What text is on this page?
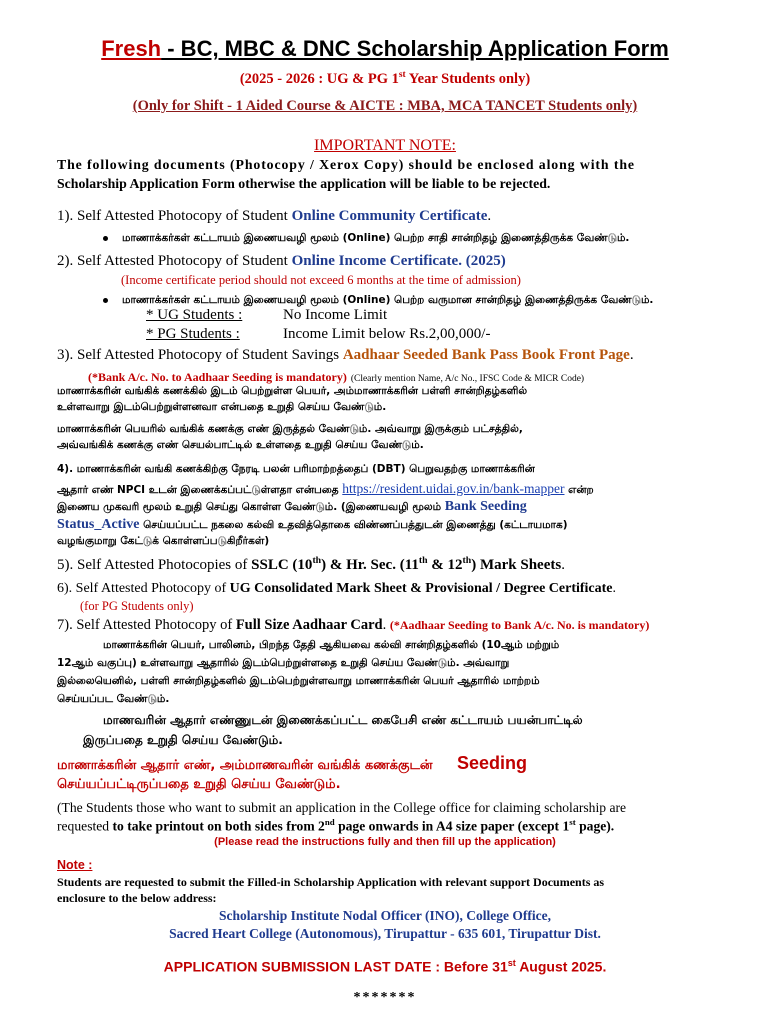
Fresh - BC, MBC & DNC Scholarship Application Form
(2025 - 2026 : UG & PG 1st Year Students only)
(Only for Shift - 1 Aided Course & AICTE : MBA, MCA TANCET Students only)
IMPORTANT NOTE:
The following documents (Photocopy / Xerox Copy) should be enclosed along with the
Scholarship Application Form otherwise the application will be liable to be rejected.
1). Self Attested Photocopy of Student Online Community Certificate.
மாணாக்கர்கள் கட்டாயம் இணையவழி மூலம் (Online) பெற்ற சாதி சான்றிதழ் இணைத்திருக்க வேண்டும்.
2). Self Attested Photocopy of Student Online Income Certificate. (2025)
(Income certificate period should not exceed 6 months at the time of admission)
மாணாக்கர்கள் கட்டாயம் இணையவழி மூலம் (Online) பெற்ற வருமான சான்றிதழ் இணைத்திருக்க வேண்டும்.
* UG Students :	No Income Limit
* PG Students :	Income Limit below Rs.2,00,000/-
3). Self Attested Photocopy of Student Savings Aadhaar Seeded Bank Pass Book Front Page.
(*Bank A/c. No. to Aadhaar Seeding is mandatory) (Clearly mention Name, A/c No., IFSC Code & MICR Code)
மாணாக்கரின் வங்கிக் கணக்கில் இடம் பெற்றுள்ள பெயர், அம்மாணாக்கரின் பள்ளி சான்றிதழ்களில்
உள்ளவாறு இடம்பெற்றுள்ளனவா என்பதை உறுதி செய்ய வேண்டும்.
மாணாக்கரின் பெயரில் வங்கிக் கணக்கு எண் இருத்தல் வேண்டும். அவ்வாறு இருக்கும் பட்சத்தில்,
அவ்வங்கிக் கணக்கு எண் செயல்பாட்டில் உள்ளதை உறுதி செய்ய வேண்டும்.
4). மாணாக்கரின் வங்கி கணக்கிற்கு நேரடி பலன் பரிமாற்றத்தைப் (DBT) பெறுவதற்கு மாணாக்கரின்
ஆதார் எண் NPCI உடன் இணைக்கப்பட்டுள்ளதா என்பதை https://resident.uidai.gov.in/bank-mapper என்ற
இணைய முகவரி மூலம் உறுதி செய்து கொள்ள வேண்டும். (இணையவழி மூலம் Bank Seeding
Status_Active செய்யப்பட்ட நகலை கல்வி உதவித்தொகை விண்ணப்பத்துடன் இணைத்து (கட்டாயமாக)
வழங்குமாறு கேட்டுக் கொள்ளப்படுகிறீர்கள்)
5). Self Attested Photocopies of SSLC (10th) & Hr. Sec. (11th & 12th) Mark Sheets.
6). Self Attested Photocopy of UG Consolidated Mark Sheet & Provisional / Degree Certificate.
(for PG Students only)
7). Self Attested Photocopy of Full Size Aadhaar Card. (*Aadhaar Seeding to Bank A/c. No. is mandatory)
மாணாக்கரின் பெயர், பாலினம், பிறந்த தேதி ஆகியவை கல்வி சான்றிதழ்களில் (10ஆம் மற்றும்
12ஆம் வகுப்பு) உள்ளவாறு ஆதாரில் இடம்பெற்றுள்ளதை உறுதி செய்ய வேண்டும். அவ்வாறு
இல்லையெனில், பள்ளி சான்றிதழ்களில் இடம்பெற்றுள்ளவாறு மாணாக்கரின் பெயர் ஆதாரில் மாற்றம்
செய்யப்பட வேண்டும்.
மாணவரின் ஆதார் எண்ணுடன் இணைக்கப்பட்ட கைபேசி எண் கட்டாயம் பயன்பாட்டில்
இருப்பதை உறுதி செய்ய வேண்டும்.
மாணாக்கரின் ஆதார் எண், அம்மாணவரின் வங்கிக் கணக்குடன் Seeding
செய்யப்பட்டிருப்பதை உறுதி செய்ய வேண்டும்.
(The Students those who want to submit an application in the College office for claiming scholarship are
requested to take printout on both sides from 2nd page onwards in A4 size paper (except 1st page).
(Please read the instructions fully and then fill up the application)
Note :
Students are requested to submit the Filled-in Scholarship Application with relevant support Documents as
enclosure to the below address:
Scholarship Institute Nodal Officer (INO), College Office,
Sacred Heart College (Autonomous), Tirupattur - 635 601, Tirupattur Dist.
APPLICATION SUBMISSION LAST DATE : Before 31st August 2025.
*******
